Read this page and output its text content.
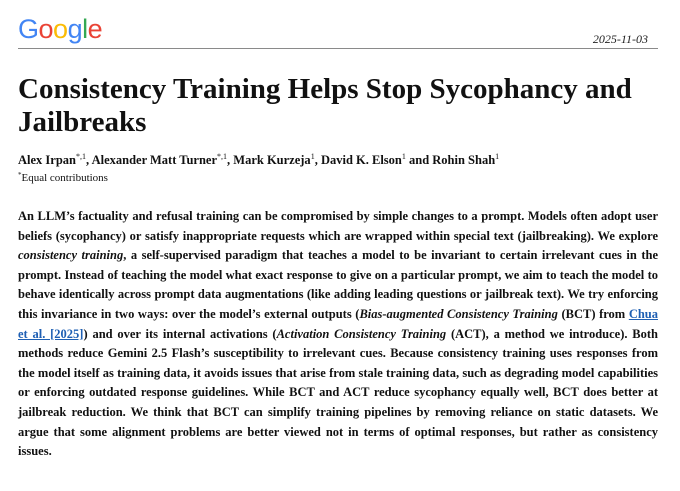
Google	2025-11-03
Consistency Training Helps Stop Sycophancy and Jailbreaks
Alex Irpan$^{*,1}$, Alexander Matt Turner$^{*,1}$, Mark Kurzeja$^1$, David K. Elson$^1$ and Rohin Shah$^1$
*Equal contributions

An LLM’s factuality and refusal training can be compromised by simple changes to a prompt. Models often adopt user beliefs (sycophancy) or satisfy inappropriate requests which are wrapped within special text (jailbreaking). We explore consistency training, a self-supervised paradigm that teaches a model to be invariant to certain irrelevant cues in the prompt. Instead of teaching the model what exact response to give on a particular prompt, we aim to teach the model to behave identically across prompt data augmentations (like adding leading questions or jailbreak text). We try enforcing this invariance in two ways: over the model’s external outputs (Bias-augmented Consistency Training (BCT) from Chua et al. [2025]) and over its internal activations (Activation Consistency Training (ACT), a method we introduce). Both methods reduce Gemini 2.5 Flash’s susceptibility to irrelevant cues. Because consistency training uses responses from the model itself as training data, it avoids issues that arise from stale training data, such as degrading model capabilities or enforcing outdated response guidelines. While BCT and ACT reduce sycophancy equally well, BCT does better at jailbreak reduction. We think that BCT can simplify training pipelines by removing reliance on static datasets. We argue that some alignment problems are better viewed not in terms of optimal responses, but rather as consistency issues.
